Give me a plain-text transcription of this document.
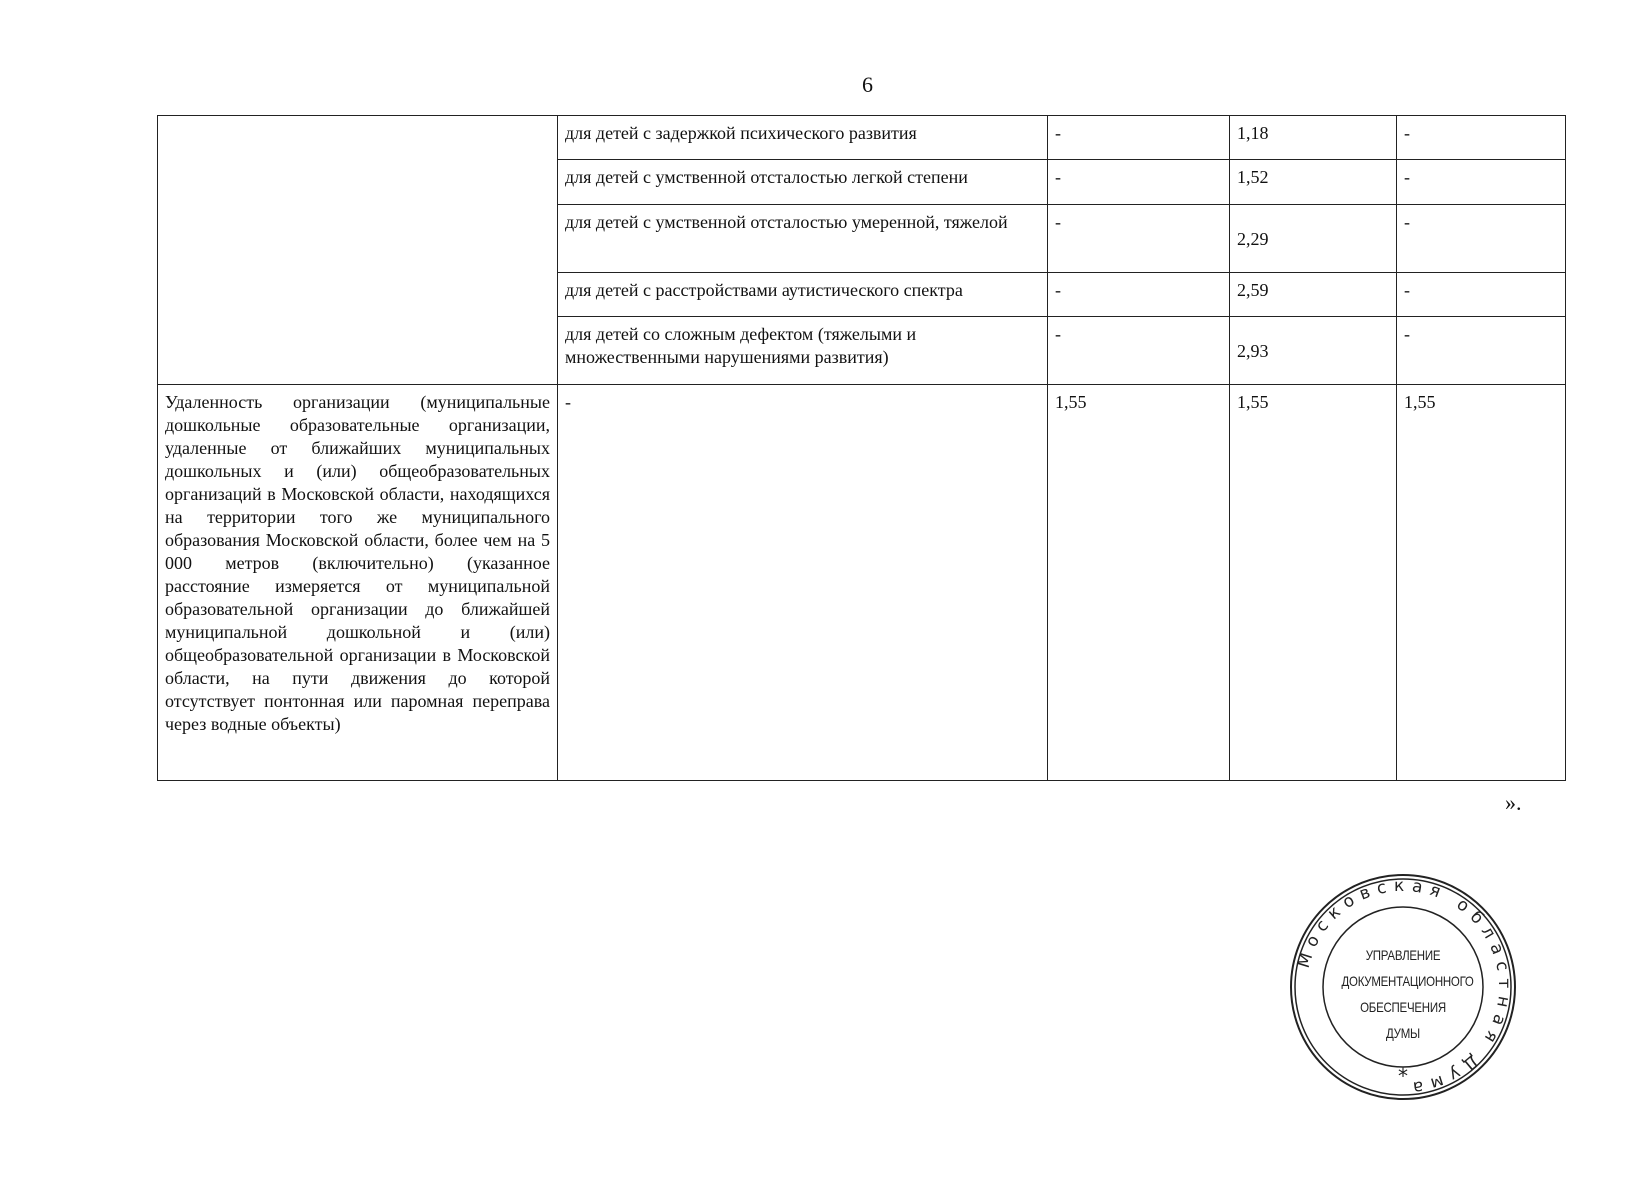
6
	для детей с задержкой психического развития	-	1,18	-
	для детей с умственной отсталостью легкой степени	-	1,52	-
	для детей с умственной отсталостью умеренной, тяжелой	-	2,29	-
	для детей с расстройствами аутистического спектра	-	2,59	-
	для детей со сложным дефектом (тяжелыми и множественными нарушениями развития)	-	2,93	-
Удаленность организации (муниципальные дошкольные образовательные организации, удаленные от ближайших муниципальных дошкольных и (или) общеобразовательных организаций в Московской области, находящихся на территории того же муниципального образования Московской области, более чем на 5 000 метров (включительно) (указанное расстояние измеряется от муниципальной образовательной организации до ближайшей муниципальной дошкольной и (или) общеобразовательной организации в Московской области, на пути движения до которой отсутствует понтонная или паромная переправа через водные объекты)	-	1,55	1,55	1,55
».
Московская областная Дума
УПРАВЛЕНИЕ
ДОКУМЕНТАЦИОННОГО
ОБЕСПЕЧЕНИЯ
ДУМЫ
*
